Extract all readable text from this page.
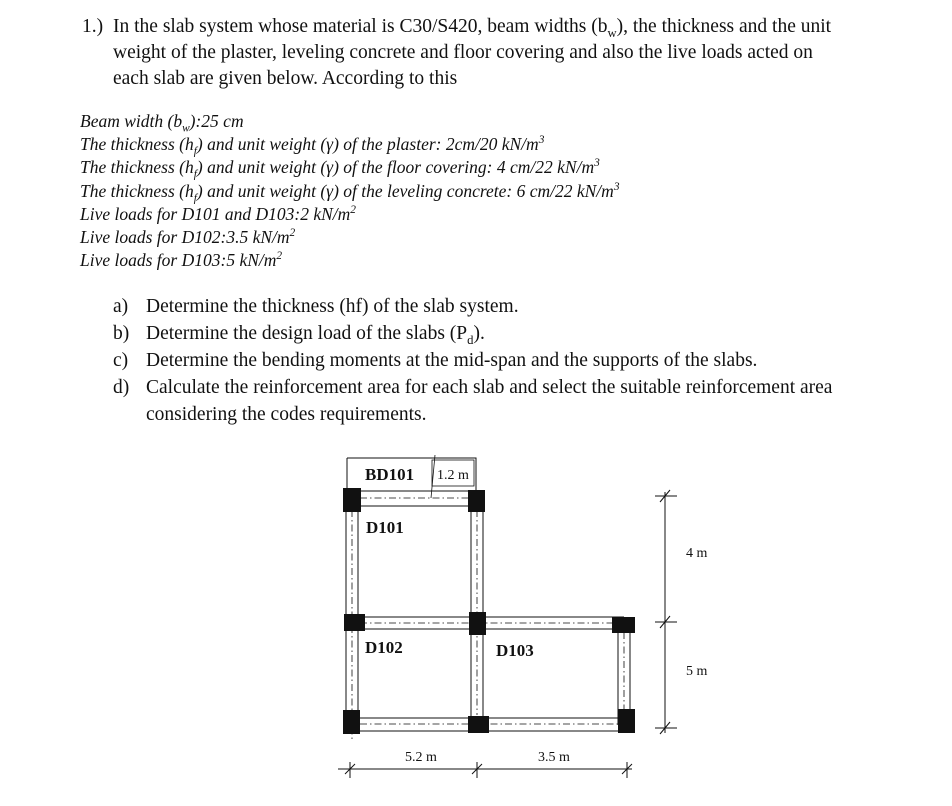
1.) In the slab system whose material is C30/S420, beam widths $(b_w)$, the thickness and the unit
weight of the plaster, leveling concrete and floor covering and also the live loads acted on
each slab are given below. According to this
Beam width $(b_w):25$ cm
The thickness $(h_f)$ and unit weight (γ) of the plaster: 2cm/20 $kN/m^3$
The thickness $(h_f)$ and unit weight (γ) of the floor covering: 4 cm/22 $kN/m^3$
The thickness $(h_f)$ and unit weight (γ) of the leveling concrete: 6 cm/22 $kN/m^3$
Live loads for D101 and D103:2 $kN/m^2$
Live loads for D102:3.5 $kN/m^2$
Live loads for D103:5 $kN/m^2$
a) Determine the thickness (hf) of the slab system.
b) Determine the design load of the slabs $(P_d)$.
c) Determine the bending moments at the mid-span and the supports of the slabs.
d) Calculate the reinforcement area for each slab and select the suitable reinforcement area
considering the codes requirements.
BD101 1.2 m
D101
D102	D103
4 m
5 m
5.2 m	3.5 m
